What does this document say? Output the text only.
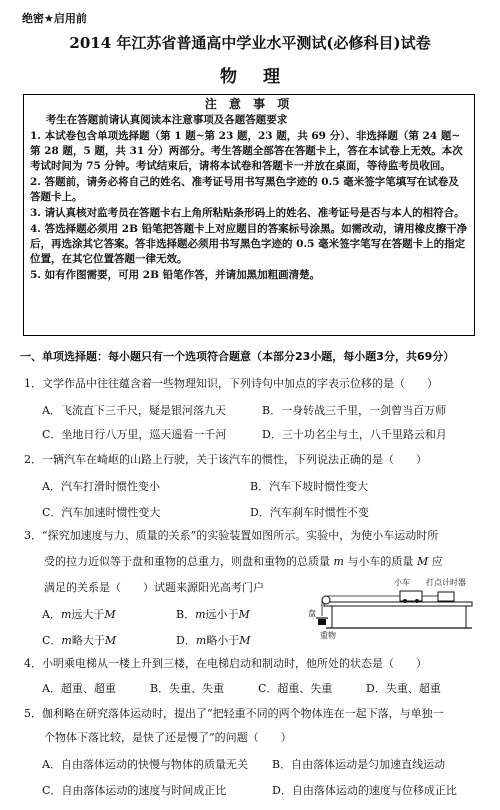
绝密★启用前
2014 年江苏省普通高中学业水平测试(必修科目)试卷
物理
注 意 事 项

考生在答题前请认真阅读本注意事项及各题答题要求

1. 本试卷包含单项选择题（第 1 题~第 23 题，23 题，共 69 分）、非选择题（第 24 题~第 28 题，5 题，共 31 分）两部分。考生答题全部答在答题卡上，答在本试卷上无效。本次考试时间为 75 分钟。考试结束后，请将本试卷和答题卡一并放在桌面，等待监考员收回。

2. 答题前，请务必将自己的姓名、准考证号用书写黑色字迹的 0.5 毫米签字笔填写在试卷及答题卡上。

3. 请认真核对监考员在答题卡右上角所粘贴条形码上的姓名、准考证号是否与本人的相符合。

4. 答选择题必须用 2B 铅笔把答题卡上对应题目的答案标号涂黑。如需改动，请用橡皮擦干净后，再选涂其它答案。答非选择题必须用书写黑色字迹的 0.5 毫米签字笔写在答题卡上的指定位置，在其它位置答题一律无效。

5. 如有作图需要，可用 2B 铅笔作答，并请加黑加粗画清楚。

一、单项选择题：每小题只有一个选项符合题意（本部分23小题，每小题3分，共69分）
1．文学作品中往往蕴含着一些物理知识，下列诗句中加点的字表示位移的是（　　）
A．飞流直下三千尺，疑是银河落九天	B．一身转战三千里，一剑曾当百万师
C．坐地日行八万里，巡天遥看一千河	D．三十功名尘与土，八千里路云和月
2．一辆汽车在崎岖的山路上行驶，关于该汽车的惯性，下列说法正确的是（　　）
A．汽车打滑时惯性变小	B．汽车下坡时惯性变大
C．汽车加速时惯性变大	D．汽车刹车时惯性不变
3．“探究加速度与力、质量的关系”的实验装置如图所示。实验中，为使小车运动时所
受的拉力近似等于盘和重物的总重力，则盘和重物的总质量 m 与小车的质量 M 应
满足的关系是（　　）试题来源阳光高考门户
A．m远大于M	B．m远小于M
C．m略大于M	D．m略小于M
小车 打点计时器
盘
重物
4．小明乘电梯从一楼上升到三楼，在电梯启动和制动时，他所处的状态是（　　）
A．超重、超重	B．失重、失重	C．超重、失重	D．失重、超重
5．伽利略在研究落体运动时，提出了“把轻重不同的两个物体连在一起下落，与单独一
个物体下落比较，是快了还是慢了”的问题（　　）
A．自由落体运动的快慢与物体的质量无关 B．自由落体运动是匀加速直线运动
C．自由落体运动的速度与时间成正比	D．自由落体运动的速度与位移成正比
